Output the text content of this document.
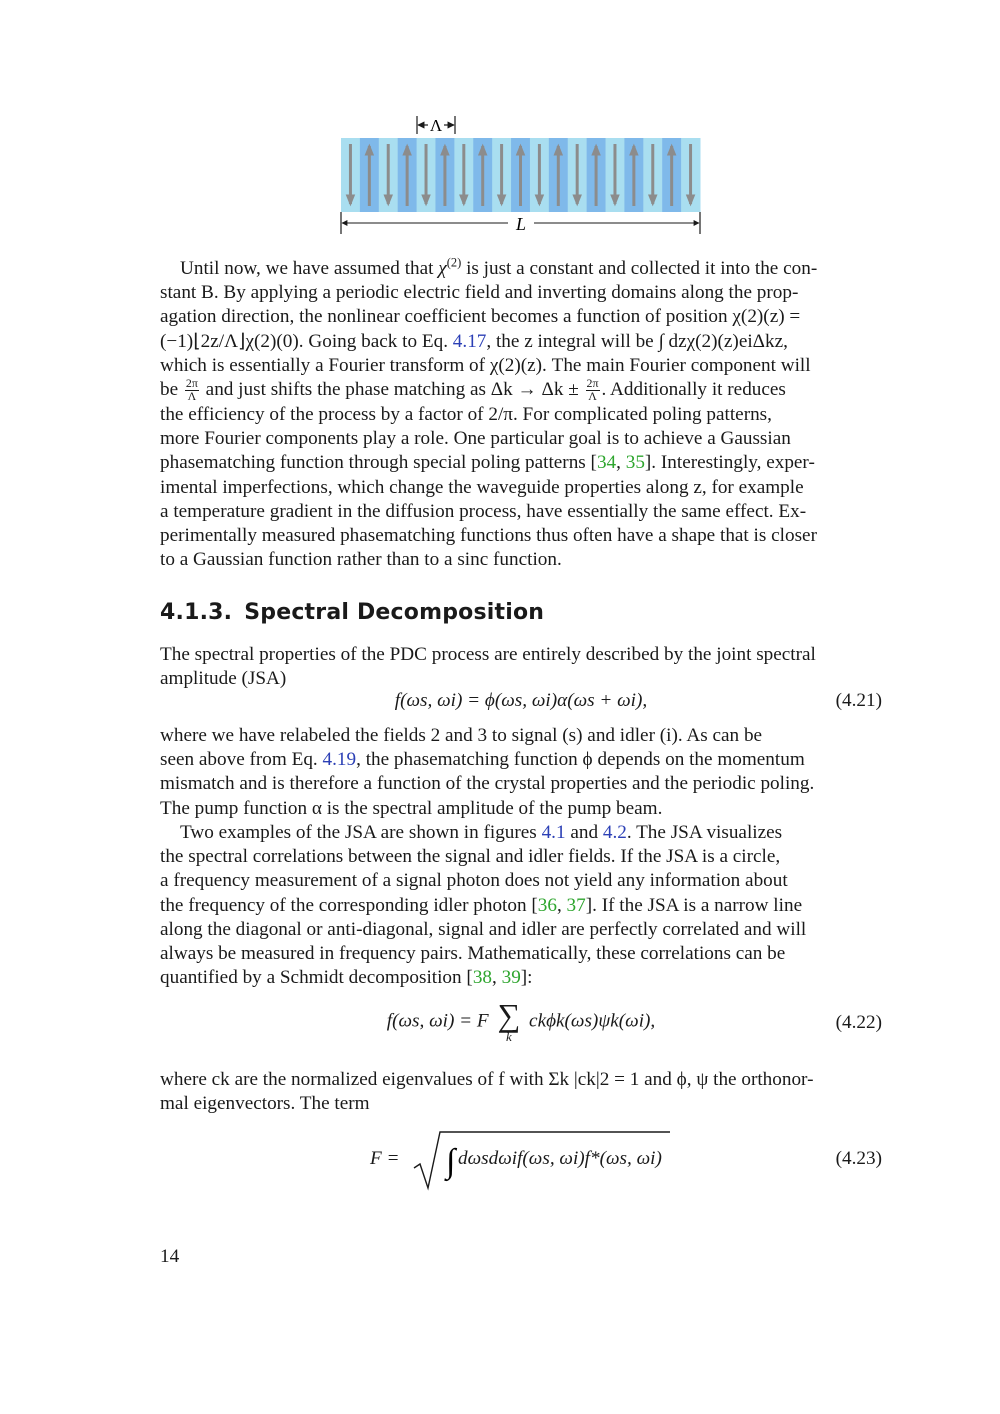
Λ
L

Until now, we have assumed that $\chi^{(2)}$ is just a constant and collected it into the con-

stant B. By applying a periodic electric field and inverting domains along the prop-

agation direction, the nonlinear coefficient becomes a function of position χ(2)(z) =

(−1)⌊2z/Λ⌋χ(2)(0). Going back to Eq. 4.17, the z integral will be ∫ dzχ(2)(z)eiΔkz,

which is essentially a Fourier transform of χ(2)(z). The main Fourier component will

be $\frac{2\pi}{\Lambda}$ and just shifts the phase matching as $\Delta k \to \Delta k \pm \frac{2\pi}{\Lambda}$ . Additionally it reduces

the efficiency of the process by a factor of 2/π. For complicated poling patterns,

more Fourier components play a role. One particular goal is to achieve a Gaussian

phasematching function through special poling patterns [34, 35]. Interestingly, exper-

imental imperfections, which change the waveguide properties along z, for example

a temperature gradient in the diffusion process, have essentially the same effect. Ex-

perimentally measured phasematching functions thus often have a shape that is closer

to a Gaussian function rather than to a sinc function.

4.1.3. Spectral Decomposition

The spectral properties of the PDC process are entirely described by the joint spectral

amplitude (JSA)

f(ωs, ωi) = ϕ(ωs, ωi)α(ωs + ωi),	(4.21)

where we have relabeled the fields 2 and 3 to signal (s) and idler (i). As can be

seen above from Eq. 4.19, the phasematching function ϕ depends on the momentum

mismatch and is therefore a function of the crystal properties and the periodic poling.

The pump function α is the spectral amplitude of the pump beam.

Two examples of the JSA are shown in figures 4.1 and 4.2. The JSA visualizes

the spectral correlations between the signal and idler fields. If the JSA is a circle,

a frequency measurement of a signal photon does not yield any information about

the frequency of the corresponding idler photon [36, 37]. If the JSA is a narrow line

along the diagonal or anti-diagonal, signal and idler are perfectly correlated and will

always be measured in frequency pairs. Mathematically, these correlations can be

quantified by a Schmidt decomposition [38, 39]:

f(ωs, ωi) = F ∑
k
ckϕk(ωs)ψk(ωi),	(4.22)

where ck are the normalized eigenvalues of f with Σk |ck|2 = 1 and ϕ, ψ the orthonor-

mal eigenvectors. The term

F = ∫ dωsdωif(ωs, ωi)f*(ωs, ωi)	(4.23)
14
